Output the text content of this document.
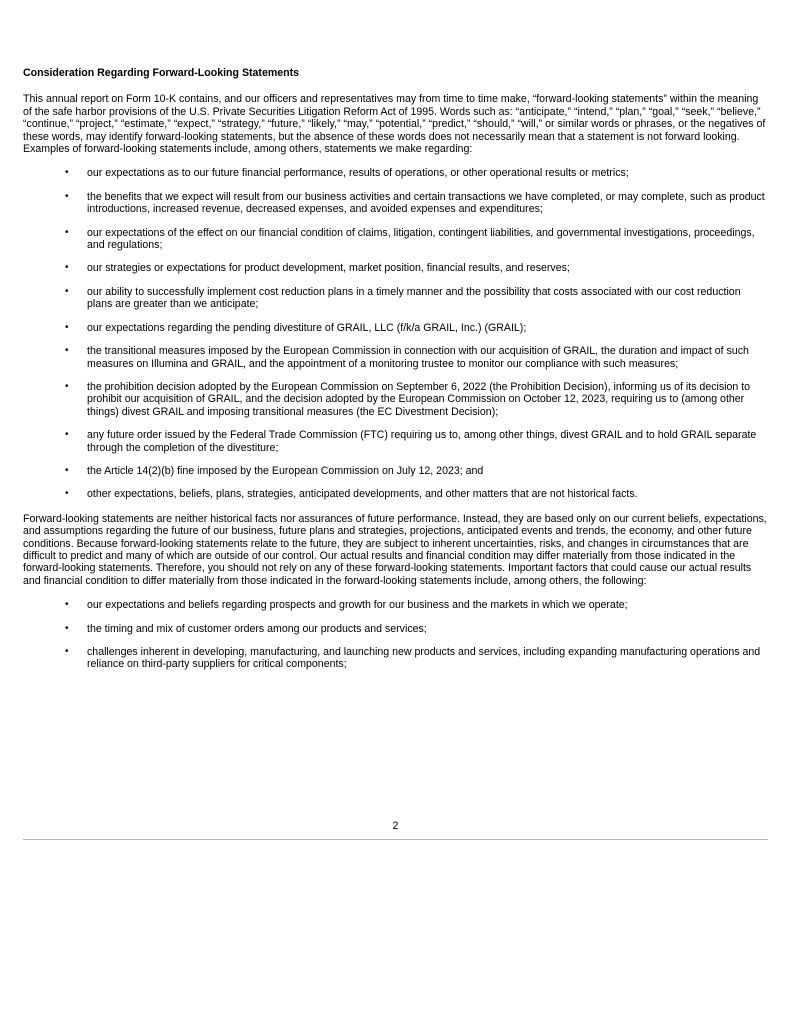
Consideration Regarding Forward-Looking Statements

This annual report on Form 10-K contains, and our officers and representatives may from time to time make, “forward-looking statements” within the meaning of the safe harbor provisions of the U.S. Private Securities Litigation Reform Act of 1995. Words such as: “anticipate,” “intend,” “plan,” “goal,” “seek,” “believe,” “continue,” “project,” “estimate,” “expect,” “strategy,” “future,” “likely,” “may,” “potential,” “predict,” “should,” “will,” or similar words or phrases, or the negatives of these words, may identify forward-looking statements, but the absence of these words does not necessarily mean that a statement is not forward looking. Examples of forward-looking statements include, among others, statements we make regarding:

• our expectations as to our future financial performance, results of operations, or other operational results or metrics;
• the benefits that we expect will result from our business activities and certain transactions we have completed, or may complete, such as product introductions, increased revenue, decreased expenses, and avoided expenses and expenditures;
• our expectations of the effect on our financial condition of claims, litigation, contingent liabilities, and governmental investigations, proceedings, and regulations;
• our strategies or expectations for product development, market position, financial results, and reserves;
• our ability to successfully implement cost reduction plans in a timely manner and the possibility that costs associated with our cost reduction plans are greater than we anticipate;
• our expectations regarding the pending divestiture of GRAIL, LLC (f/k/a GRAIL, Inc.) (GRAIL);
• the transitional measures imposed by the European Commission in connection with our acquisition of GRAIL, the duration and impact of such measures on Illumina and GRAIL, and the appointment of a monitoring trustee to monitor our compliance with such measures;
• the prohibition decision adopted by the European Commission on September 6, 2022 (the Prohibition Decision), informing us of its decision to prohibit our acquisition of GRAIL, and the decision adopted by the European Commission on October 12, 2023, requiring us to (among other things) divest GRAIL and imposing transitional measures (the EC Divestment Decision);
• any future order issued by the Federal Trade Commission (FTC) requiring us to, among other things, divest GRAIL and to hold GRAIL separate through the completion of the divestiture;
• the Article 14(2)(b) fine imposed by the European Commission on July 12, 2023; and
• other expectations, beliefs, plans, strategies, anticipated developments, and other matters that are not historical facts.

Forward-looking statements are neither historical facts nor assurances of future performance. Instead, they are based only on our current beliefs, expectations, and assumptions regarding the future of our business, future plans and strategies, projections, anticipated events and trends, the economy, and other future conditions. Because forward-looking statements relate to the future, they are subject to inherent uncertainties, risks, and changes in circumstances that are difficult to predict and many of which are outside of our control. Our actual results and financial condition may differ materially from those indicated in the forward-looking statements. Therefore, you should not rely on any of these forward-looking statements. Important factors that could cause our actual results and financial condition to differ materially from those indicated in the forward-looking statements include, among others, the following:

• our expectations and beliefs regarding prospects and growth for our business and the markets in which we operate;
• the timing and mix of customer orders among our products and services;
• challenges inherent in developing, manufacturing, and launching new products and services, including expanding manufacturing operations and reliance on third-party suppliers for critical components;
2
